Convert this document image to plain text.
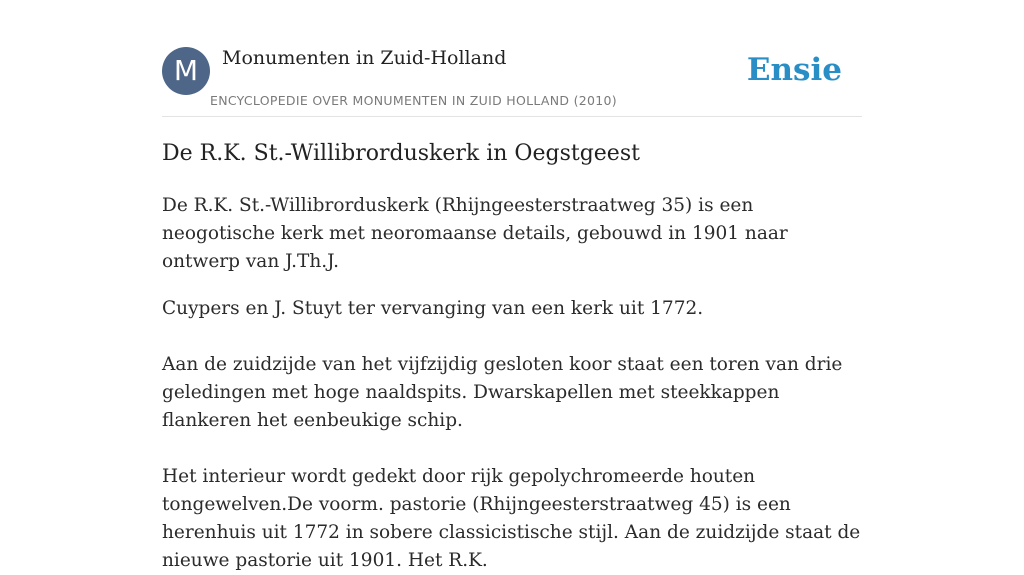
M	Monumenten in Zuid-Holland
ENCYCLOPEDIE OVER MONUMENTEN IN ZUID HOLLAND (2010)
Ensie
De R.K. St.-Willibrorduskerk in Oegstgeest

De R.K. St.-Willibrorduskerk (Rhijngeesterstraatweg 35) is een neogotische kerk met neoromaanse details, gebouwd in 1901 naar ontwerp van J.Th.J.

Cuypers en J. Stuyt ter vervanging van een kerk uit 1772.

Aan de zuidzijde van het vijfzijdig gesloten koor staat een toren van drie geledingen met hoge naaldspits. Dwarskapellen met steekkappen flankeren het eenbeukige schip.

Het interieur wordt gedekt door rijk gepolychromeerde houten tongewelven.De voorm. pastorie (Rhijngeesterstraatweg 45) is een herenhuis uit 1772 in sobere classicistische stijl. Aan de zuidzijde staat de nieuwe pastorie uit 1901. Het R.K.
